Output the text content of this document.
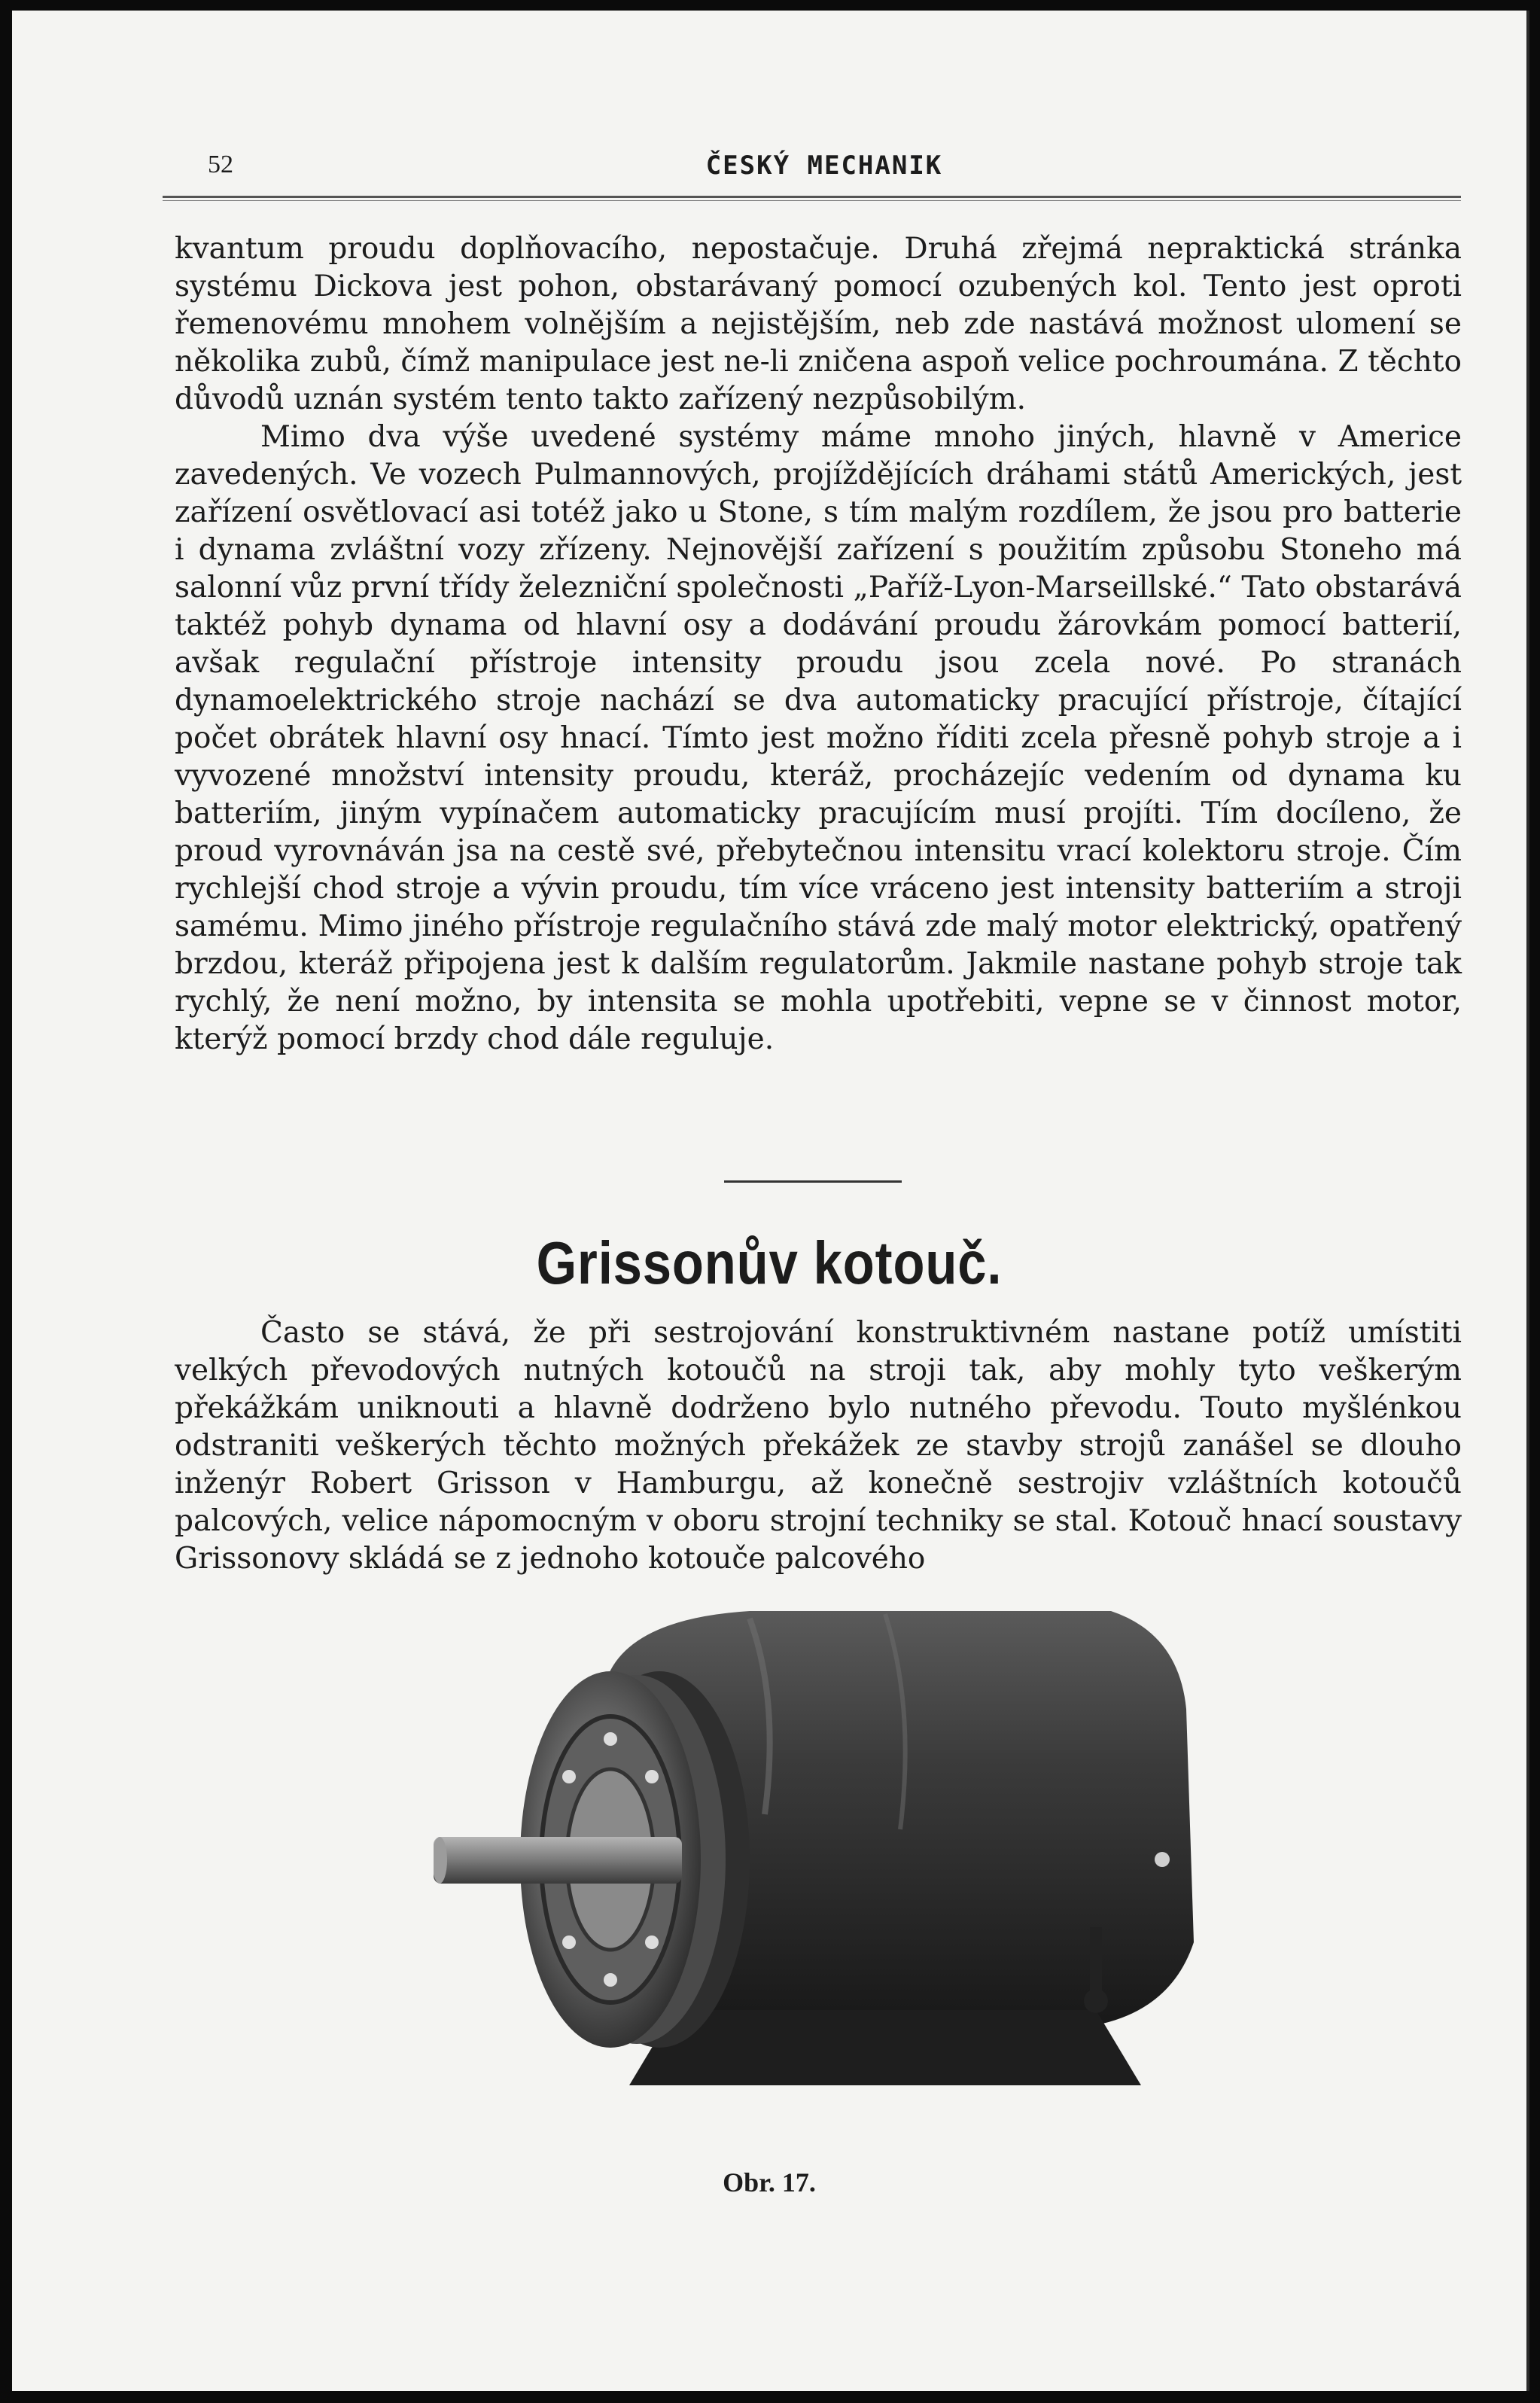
52	ČESKÝ MECHANIK

kvantum proudu doplňovacího, nepostačuje. Druhá zřejmá nepraktická stránka systému Dickova jest pohon, obstarávaný pomocí ozubených kol. Tento jest oproti řemenovému mnohem volnějším a nejistějším, neb zde nastává možnost ulomení se několika zubů, čímž manipulace jest ne-li zničena aspoň velice pochroumána. Z těchto důvodů uznán systém tento takto zařízený nezpůsobilým.

Mimo dva výše uvedené systémy máme mnoho jiných, hlavně v Americe zavedených. Ve vozech Pulmannových, projíždějících dráhami států Amerických, jest zařízení osvětlovací asi totéž jako u Stone, s tím malým rozdílem, že jsou pro batterie i dynama zvláštní vozy zřízeny. Nejnovější zařízení s použitím způsobu Stoneho má salonní vůz první třídy železniční společnosti „Paříž-Lyon-Marseillské.“ Tato obstarává taktéž pohyb dynama od hlavní osy a dodávání proudu žárovkám pomocí batterií, avšak regulační přístroje intensity proudu jsou zcela nové. Po stranách dynamoelektrického stroje nachází se dva automaticky pracující přístroje, čítající počet obrátek hlavní osy hnací. Tímto jest možno říditi zcela přesně pohyb stroje a i vyvozené množství intensity proudu, kteráž, procházejíc vedením od dynama ku batteriím, jiným vypínačem automaticky pracujícím musí projíti. Tím docíleno, že proud vyrovnáván jsa na cestě své, přebytečnou intensitu vrací kolektoru stroje. Čím rychlejší chod stroje a vývin proudu, tím více vráceno jest intensity batteriím a stroji samému. Mimo jiného přístroje regulačního stává zde malý motor elektrický, opatřený brzdou, kteráž připojena jest k dalším regulatorům. Jakmile nastane pohyb stroje tak rychlý, že není možno, by intensita se mohla upotřebiti, vepne se v činnost motor, kterýž pomocí brzdy chod dále reguluje.

Grissonův kotouč.

Často se stává, že při sestrojování konstruktivném nastane potíž umístiti velkých převodových nutných kotoučů na stroji tak, aby mohly tyto veškerým překážkám uniknouti a hlavně dodrženo bylo nutného převodu. Touto myšlénkou odstraniti veškerých těchto možných překážek ze stavby strojů zanášel se dlouho inženýr Robert Grisson v Hamburgu, až konečně sestrojiv vzláštních kotoučů palcových, velice nápomocným v oboru strojní techniky se stal. Kotouč hnací soustavy Grissonovy skládá se z jednoho kotouče palcového

Obr. 17.
